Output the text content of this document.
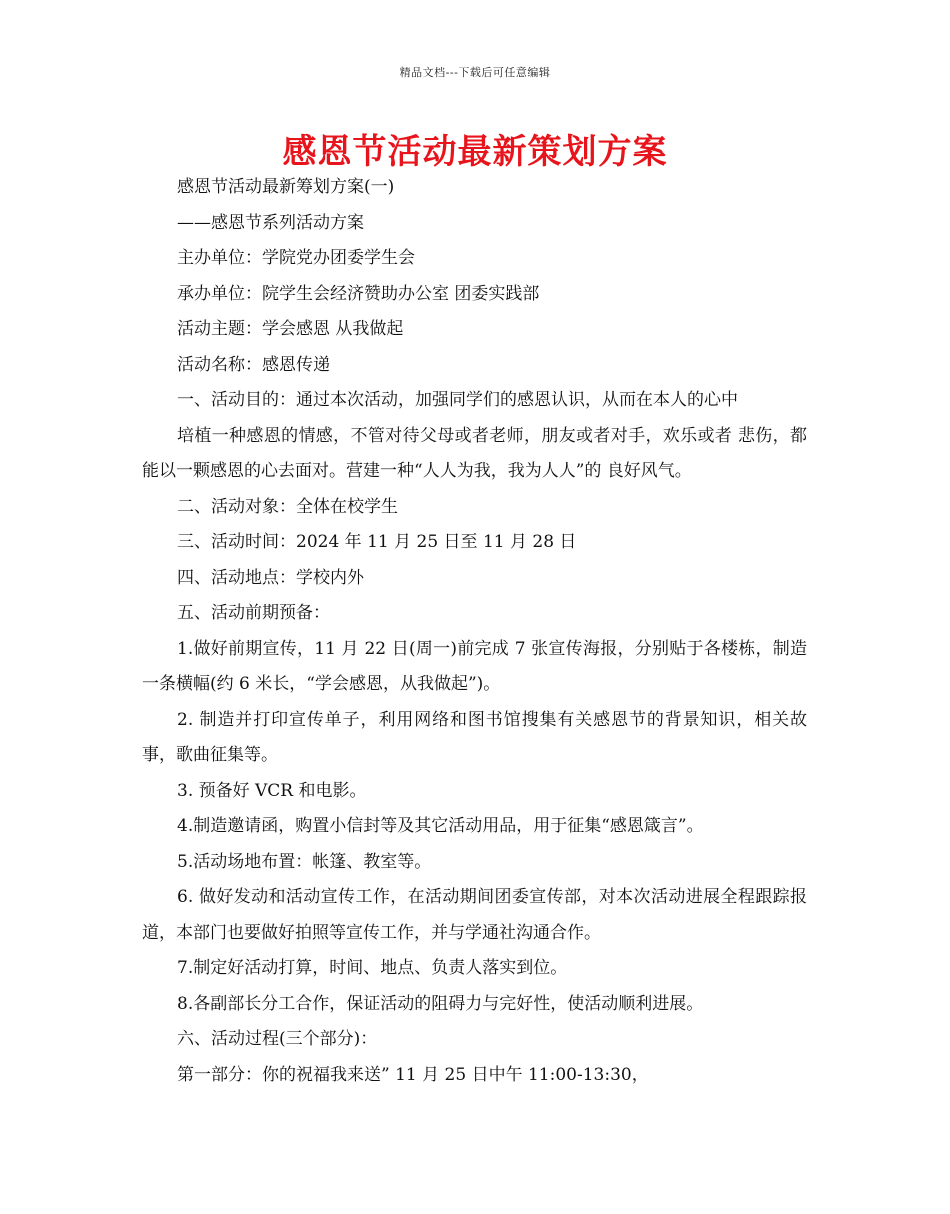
精品文档---下载后可任意编辑
感恩节活动最新策划方案

感恩节活动最新筹划方案(一)

——感恩节系列活动方案

主办单位：学院党办团委学生会

承办单位：院学生会经济赞助办公室 团委实践部

活动主题：学会感恩 从我做起

活动名称：感恩传递

一、活动目的：通过本次活动，加强同学们的感恩认识，从而在本人的心中

培植一种感恩的情感，不管对待父母或者老师，朋友或者对手，欢乐或者 悲伤，都能以一颗感恩的心去面对。营建一种“人人为我，我为人人”的 良好风气。

二、活动对象：全体在校学生

三、活动时间：2024 年 11 月 25 日至 11 月 28 日

四、活动地点：学校内外

五、活动前期预备：

1.做好前期宣传，11 月 22 日(周一)前完成 7 张宣传海报，分别贴于各楼栋，制造一条横幅(约 6 米长，“学会感恩，从我做起”)。

2. 制造并打印宣传单子，利用网络和图书馆搜集有关感恩节的背景知识，相关故事，歌曲征集等。

3. 预备好 VCR 和电影。

4.制造邀请函，购置小信封等及其它活动用品，用于征集“感恩箴言”。

5.活动场地布置：帐篷、教室等。

6. 做好发动和活动宣传工作，在活动期间团委宣传部，对本次活动进展全程跟踪报道，本部门也要做好拍照等宣传工作，并与学通社沟通合作。

7.制定好活动打算，时间、地点、负责人落实到位。

8.各副部长分工合作，保证活动的阻碍力与完好性，使活动顺利进展。

六、活动过程(三个部分)：

第一部分：你的祝福我来送” 11 月 25 日中午 11:00-13:30，
